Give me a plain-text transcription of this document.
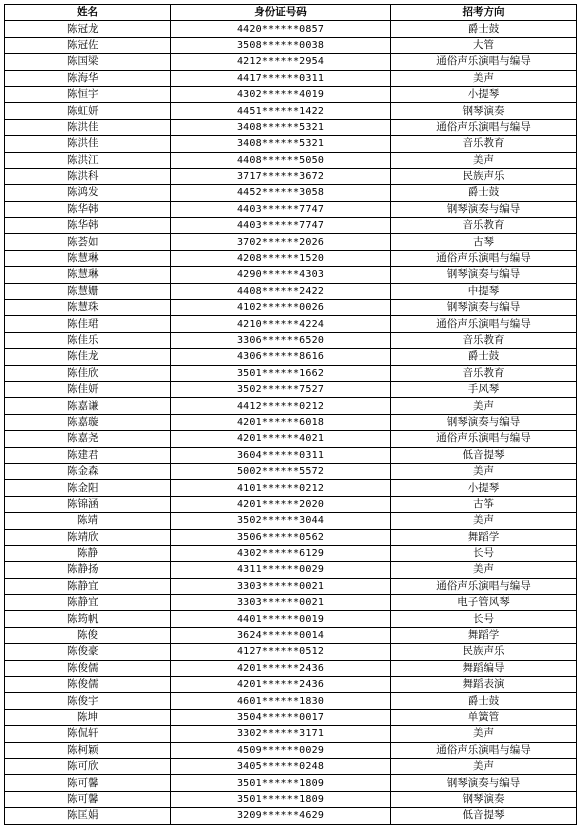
姓名	身份证号码	招考方向
陈冠龙	4420******0857	爵士鼓
陈冠佐	3508******0038	大管
陈国梁	4212******2954	通俗声乐演唱与编导
陈海华	4417******0311	美声
陈恒宇	4302******4019	小提琴
陈虹妍	4451******1422	钢琴演奏
陈洪佳	3408******5321	通俗声乐演唱与编导
陈洪佳	3408******5321	音乐教育
陈洪江	4408******5050	美声
陈洪科	3717******3672	民族声乐
陈鸿发	4452******3058	爵士鼓
陈华韩	4403******7747	钢琴演奏与编导
陈华韩	4403******7747	音乐教育
陈荟如	3702******2026	古琴
陈慧琳	4208******1520	通俗声乐演唱与编导
陈慧琳	4290******4303	钢琴演奏与编导
陈慧姗	4408******2422	中提琴
陈慧珠	4102******0026	钢琴演奏与编导
陈佳珺	4210******4224	通俗声乐演唱与编导
陈佳乐	3306******6520	音乐教育
陈佳龙	4306******8616	爵士鼓
陈佳欣	3501******1662	音乐教育
陈佳妍	3502******7527	手风琴
陈嘉谦	4412******0212	美声
陈嘉璇	4201******6018	钢琴演奏与编导
陈嘉尧	4201******4021	通俗声乐演唱与编导
陈建君	3604******0311	低音提琴
陈金森	5002******5572	美声
陈金阳	4101******0212	小提琴
陈锦涵	4201******2020	古筝
陈靖	3502******3044	美声
陈靖欣	3506******0562	舞蹈学
陈静	4302******6129	长号
陈静扬	4311******0029	美声
陈静宜	3303******0021	通俗声乐演唱与编导
陈静宜	3303******0021	电子管风琴
陈筠帆	4401******0019	长号
陈俊	3624******0014	舞蹈学
陈俊豪	4127******0512	民族声乐
陈俊儒	4201******2436	舞蹈编导
陈俊儒	4201******2436	舞蹈表演
陈俊宇	4601******1830	爵士鼓
陈坤	3504******0017	单簧管
陈侃轩	3302******3171	美声
陈柯颖	4509******0029	通俗声乐演唱与编导
陈可欣	3405******0248	美声
陈可馨	3501******1809	钢琴演奏与编导
陈可馨	3501******1809	钢琴演奏
陈匡娟	3209******4629	低音提琴
